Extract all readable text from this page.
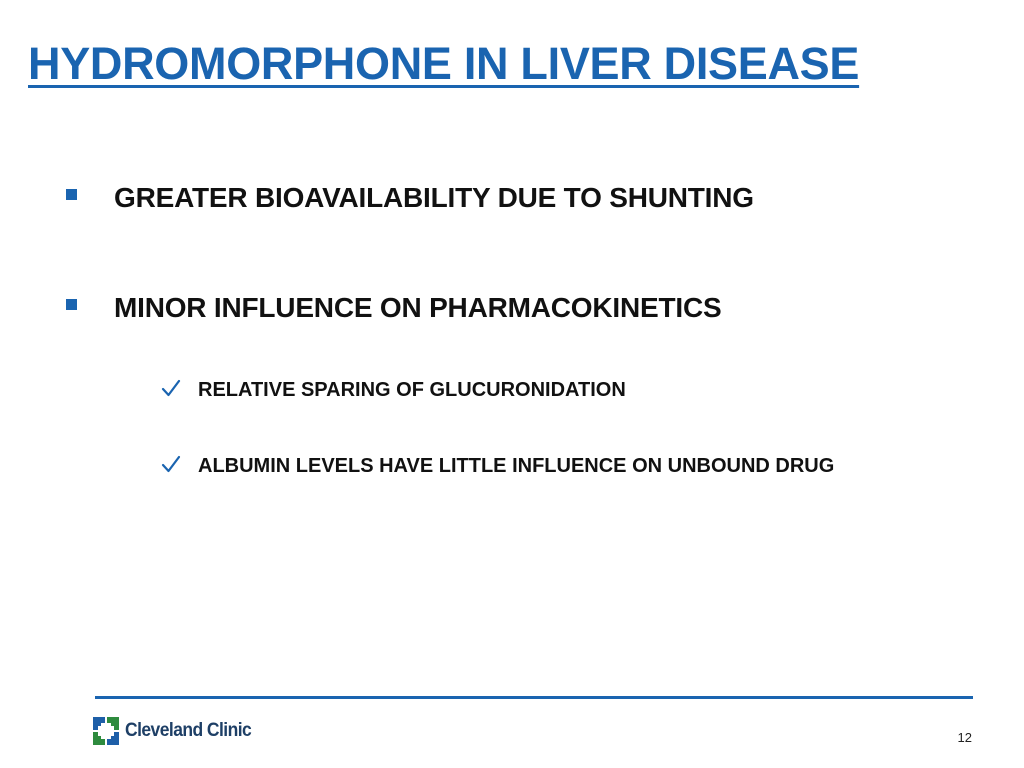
HYDROMORPHONE IN LIVER DISEASE
GREATER BIOAVAILABILITY DUE TO SHUNTING
MINOR INFLUENCE ON PHARMACOKINETICS
RELATIVE SPARING OF GLUCURONIDATION
ALBUMIN LEVELS HAVE LITTLE INFLUENCE ON UNBOUND DRUG
Cleveland Clinic	12
